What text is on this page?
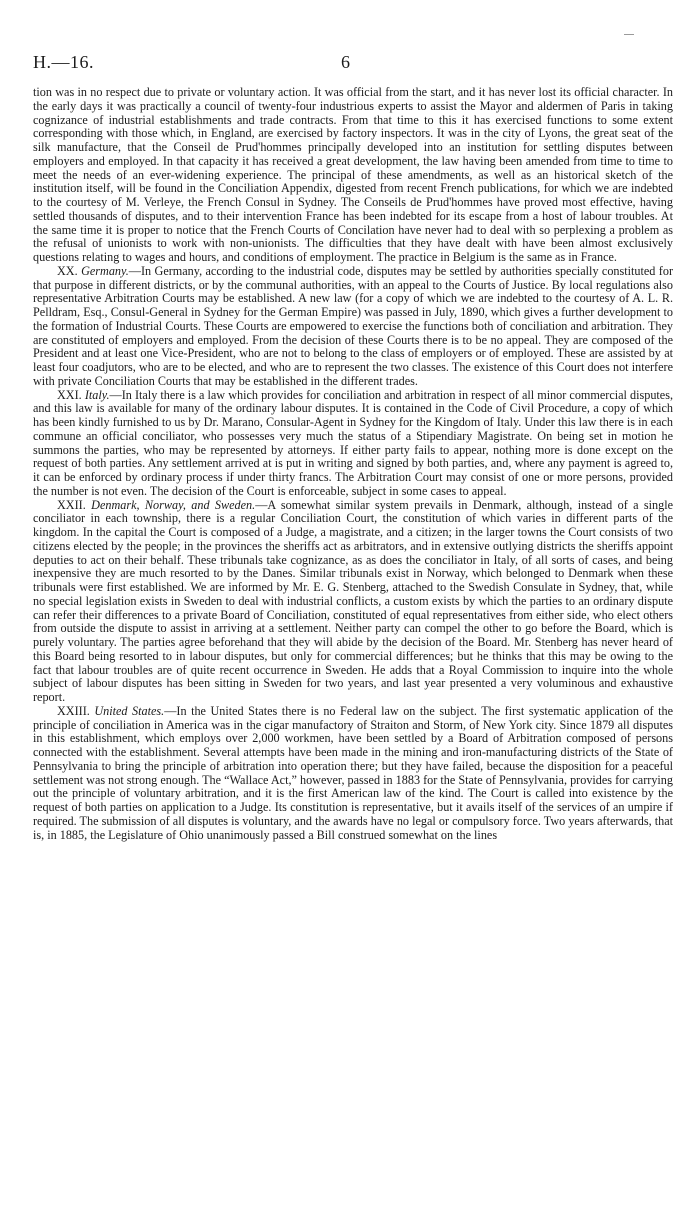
H.—16.	6

tion was in no respect due to private or voluntary action. It was official from the start, and it has never lost its official character. In the early days it was practically a council of twenty-four industrious experts to assist the Mayor and aldermen of Paris in taking cognizance of industrial establishments and trade contracts. From that time to this it has exercised functions to some extent corresponding with those which, in England, are exercised by factory inspectors. It was in the city of Lyons, the great seat of the silk manufacture, that the Conseil de Prud'hommes principally developed into an institution for settling disputes between employers and employed. In that capacity it has received a great development, the law having been amended from time to time to meet the needs of an ever-widening experience. The principal of these amendments, as well as an historical sketch of the institution itself, will be found in the Conciliation Appendix, digested from recent French publications, for which we are indebted to the courtesy of M. Verleye, the French Consul in Sydney. The Conseils de Prud'hommes have proved most effective, having settled thousands of disputes, and to their intervention France has been indebted for its escape from a host of labour troubles. At the same time it is proper to notice that the French Courts of Concilation have never had to deal with so perplexing a problem as the refusal of unionists to work with non-unionists. The difficulties that they have dealt with have been almost exclusively questions relating to wages and hours, and conditions of employment. The practice in Belgium is the same as in France.

XX. Germany.—In Germany, according to the industrial code, disputes may be settled by authorities specially constituted for that purpose in different districts, or by the communal authorities, with an appeal to the Courts of Justice. By local regulations also representative Arbitration Courts may be established. A new law (for a copy of which we are indebted to the courtesy of A. L. R. Pelldram, Esq., Consul-General in Sydney for the German Empire) was passed in July, 1890, which gives a further development to the formation of Industrial Courts. These Courts are empowered to exercise the functions both of conciliation and arbitration. They are constituted of employers and employed. From the decision of these Courts there is to be no appeal. They are composed of the President and at least one Vice-President, who are not to belong to the class of employers or of employed. These are assisted by at least four coadjutors, who are to be elected, and who are to represent the two classes. The existence of this Court does not interfere with private Conciliation Courts that may be established in the different trades.

XXI. Italy.—In Italy there is a law which provides for conciliation and arbitration in respect of all minor commercial disputes, and this law is available for many of the ordinary labour disputes. It is contained in the Code of Civil Procedure, a copy of which has been kindly furnished to us by Dr. Marano, Consular-Agent in Sydney for the Kingdom of Italy. Under this law there is in each commune an official conciliator, who possesses very much the status of a Stipendiary Magistrate. On being set in motion he summons the parties, who may be represented by attorneys. If either party fails to appear, nothing more is done except on the request of both parties. Any settlement arrived at is put in writing and signed by both parties, and, where any payment is agreed to, it can be enforced by ordinary process if under thirty francs. The Arbitration Court may consist of one or more persons, provided the number is not even. The decision of the Court is enforceable, subject in some cases to appeal.

XXII. Denmark, Norway, and Sweden.—A somewhat similar system prevails in Denmark, although, instead of a single conciliator in each township, there is a regular Conciliation Court, the constitution of which varies in different parts of the kingdom. In the capital the Court is composed of a Judge, a magistrate, and a citizen; in the larger towns the Court consists of two citizens elected by the people; in the provinces the sheriffs act as arbitrators, and in extensive outlying districts the sheriffs appoint deputies to act on their behalf. These tribunals take cognizance, as as does the conciliator in Italy, of all sorts of cases, and being inexpensive they are much resorted to by the Danes. Similar tribunals exist in Norway, which belonged to Denmark when these tribunals were first established. We are informed by Mr. E. G. Stenberg, attached to the Swedish Consulate in Sydney, that, while no special legislation exists in Sweden to deal with industrial conflicts, a custom exists by which the parties to an ordinary dispute can refer their differences to a private Board of Conciliation, constituted of equal representatives from either side, who elect others from outside the dispute to assist in arriving at a settlement. Neither party can compel the other to go before the Board, which is purely voluntary. The parties agree beforehand that they will abide by the decision of the Board. Mr. Stenberg has never heard of this Board being resorted to in labour disputes, but only for commercial differences; but he thinks that this may be owing to the fact that labour troubles are of quite recent occurrence in Sweden. He adds that a Royal Commission to inquire into the whole subject of labour disputes has been sitting in Sweden for two years, and last year presented a very voluminous and exhaustive report.

XXIII. United States.—In the United States there is no Federal law on the subject. The first systematic application of the principle of conciliation in America was in the cigar manufactory of Straiton and Storm, of New York city. Since 1879 all disputes in this establishment, which employs over 2,000 workmen, have been settled by a Board of Arbitration composed of persons connected with the establishment. Several attempts have been made in the mining and iron-manufacturing districts of the State of Pennsylvania to bring the principle of arbitration into operation there; but they have failed, because the disposition for a peaceful settlement was not strong enough. The “Wallace Act,” however, passed in 1883 for the State of Pennsylvania, provides for carrying out the principle of voluntary arbitration, and it is the first American law of the kind. The Court is called into existence by the request of both parties on application to a Judge. Its constitution is representative, but it avails itself of the services of an umpire if required. The submission of all disputes is voluntary, and the awards have no legal or compulsory force. Two years afterwards, that is, in 1885, the Legislature of Ohio unanimously passed a Bill construed somewhat on the lines
